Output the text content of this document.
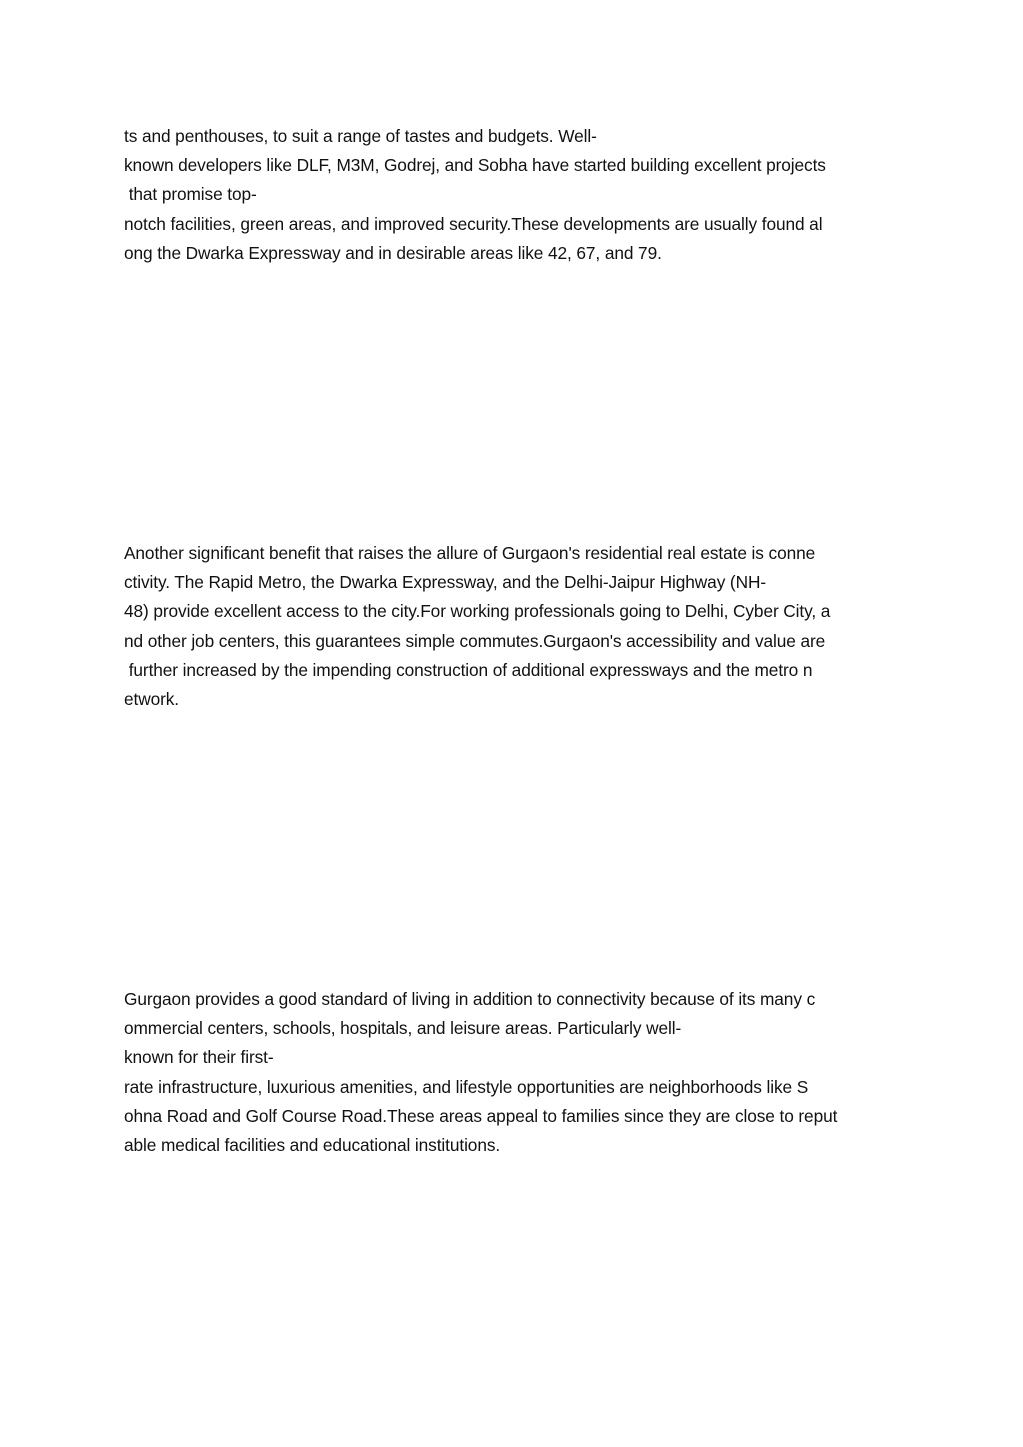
ts and penthouses, to suit a range of tastes and budgets. Well-
known developers like DLF, M3M, Godrej, and Sobha have started building excellent projects
that promise top-
notch facilities, green areas, and improved security.These developments are usually found al
ong the Dwarka Expressway and in desirable areas like 42, 67, and 79.

Another significant benefit that raises the allure of Gurgaon's residential real estate is conne
ctivity. The Rapid Metro, the Dwarka Expressway, and the Delhi-Jaipur Highway (NH-
48) provide excellent access to the city.For working professionals going to Delhi, Cyber City, a
nd other job centers, this guarantees simple commutes.Gurgaon's accessibility and value are
further increased by the impending construction of additional expressways and the metro n
etwork.

Gurgaon provides a good standard of living in addition to connectivity because of its many c
ommercial centers, schools, hospitals, and leisure areas. Particularly well-
known for their first-
rate infrastructure, luxurious amenities, and lifestyle opportunities are neighborhoods like S
ohna Road and Golf Course Road.These areas appeal to families since they are close to reput
able medical facilities and educational institutions.
